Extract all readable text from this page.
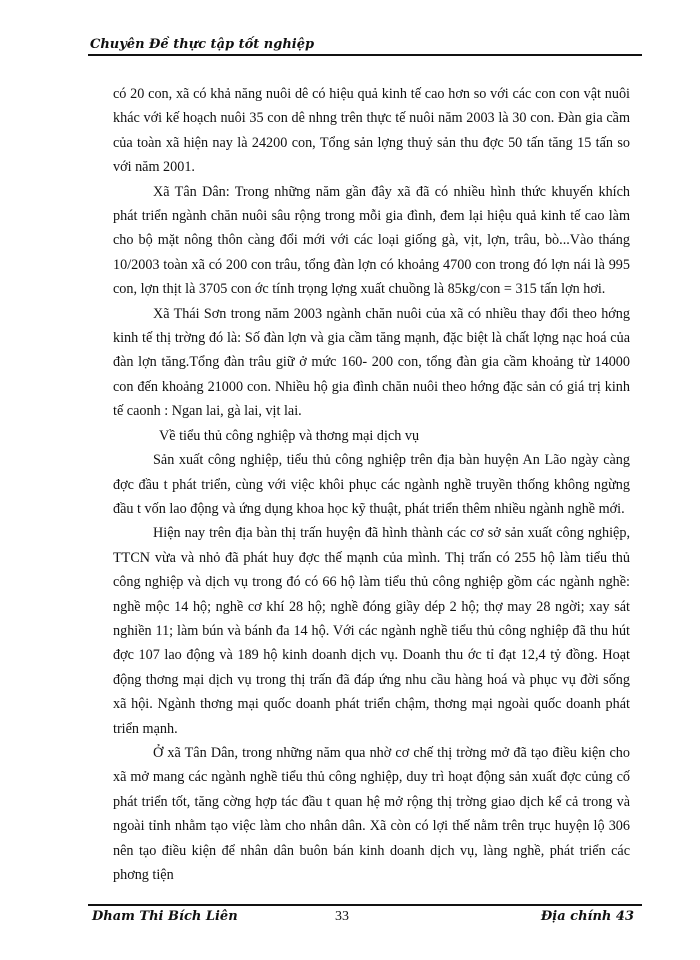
Chuyên Đề thực tập tốt nghiệp

có 20 con, xã có khả năng nuôi dê có hiệu quả kinh tế cao hơn so với các con con vật nuôi khác với kế hoạch nuôi 35 con dê nhng trên thực tế nuôi năm 2003 là 30 con. Đàn gia cầm của toàn xã hiện nay là 24200 con, Tổng sản lợng thuỷ sản thu đợc 50 tấn tăng 15 tấn so với năm 2001.

Xã Tân Dân: Trong những năm gần đây xã đã có nhiều hình thức khuyến khích phát triển ngành chăn nuôi sâu rộng trong mỗi gia đình, đem lại hiệu quả kinh tế cao làm cho bộ mặt nông thôn càng đổi mới với các loại giống gà, vịt, lợn, trâu, bò...Vào tháng 10/2003 toàn xã có 200 con trâu, tổng đàn lợn có khoảng 4700 con trong đó lợn nái là 995 con, lợn thịt là 3705 con ớc tính trọng lợng xuất chuồng là 85kg/con = 315 tấn lợn hơi.

Xã Thái Sơn trong năm 2003 ngành chăn nuôi của xã có nhiều thay đổi theo hớng kinh tế thị trờng đó là: Số đàn lợn và gia cầm tăng mạnh, đặc biệt là chất lợng nạc hoá của đàn lợn tăng.Tổng đàn trâu giữ ở mức 160- 200 con, tổng đàn gia cầm khoảng từ 14000 con đến khoảng 21000 con. Nhiều hộ gia đình chăn nuôi theo hớng đặc sản có giá trị kinh tế caonh : Ngan lai, gà lai, vịt lai.

Về tiểu thủ công nghiệp và thơng mại dịch vụ

Sản xuất công nghiệp, tiểu thủ công nghiệp trên địa bàn huyện An Lão ngày càng đợc đầu t phát triển, cùng với việc khôi phục các ngành nghề truyền thống không ngừng đầu t vốn lao động và ứng dụng khoa học kỹ thuật, phát triển thêm nhiều ngành nghề mới.

Hiện nay trên địa bàn thị trấn huyện đã hình thành các cơ sở sản xuất công nghiệp, TTCN vừa và nhỏ đã phát huy đợc thế mạnh của mình. Thị trấn có 255 hộ làm tiểu thủ công nghiệp và dịch vụ trong đó có 66 hộ làm tiểu thủ công nghiệp gồm các ngành nghề: nghề mộc 14 hộ; nghề cơ khí 28 hộ; nghề đóng giầy dép 2 hộ; thợ may 28 ngời; xay sát nghiền 11; làm bún và bánh đa 14 hộ. Với các ngành nghề tiểu thủ công nghiệp đã thu hút đợc 107 lao động và 189 hộ kinh doanh dịch vụ. Doanh thu ớc tỉ đạt 12,4 tỷ đồng. Hoạt động thơng mại dịch vụ trong thị trấn đã đáp ứng nhu cầu hàng hoá và phục vụ đời sống xã hội. Ngành thơng mại quốc doanh phát triển chậm, thơng mại ngoài quốc doanh phát triển mạnh.

Ở xã Tân Dân, trong những năm qua nhờ cơ chế thị trờng mở đã tạo điều kiện cho xã mở mang các ngành nghề tiểu thủ công nghiệp, duy trì hoạt động sản xuất đợc củng cố phát triển tốt, tăng cờng hợp tác đầu t quan hệ mở rộng thị trờng giao dịch kể cả trong và ngoài tỉnh nhằm tạo việc làm cho nhân dân. Xã còn có lợi thế nằm trên trục huyện lộ 306 nên tạo điều kiện để nhân dân buôn bán kinh doanh dịch vụ, làng nghề, phát triển các phơng tiện

Dham Thi Bích Liên	33	Địa chính 43
